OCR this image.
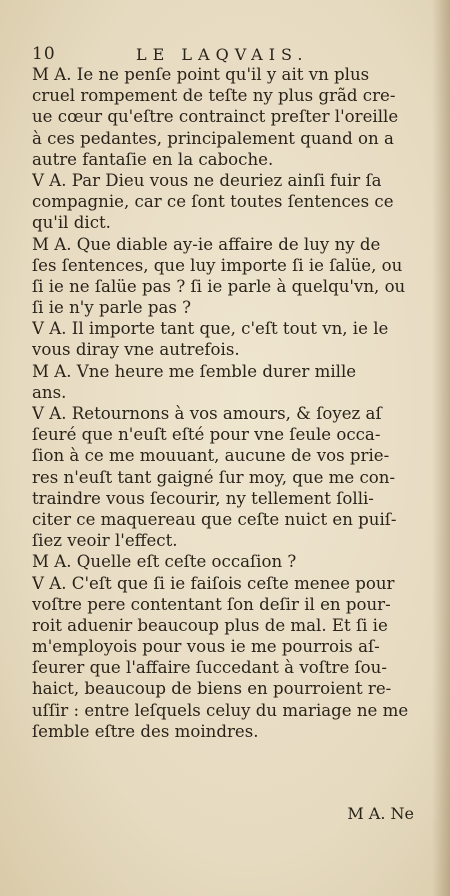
10	LE LAQVAIS.
M A. Ie ne penſe point qu'il y ait vn plus
cruel rompement de teſte ny plus grãd cre-
ue cœur qu'eſtre contrainct preſter l'oreille
à ces pedantes, principalement quand on a
autre fantaſie en la caboche.
V A. Par Dieu vous ne deuriez ainſi fuir ſa
compagnie, car ce ſont toutes ſentences ce
qu'il dict.
M A. Que diable ay-ie affaire de luy ny de
ſes ſentences, que luy importe ſi ie ſalüe, ou
ſi ie ne ſalüe pas ? ſi ie parle à quelqu'vn, ou
ſi ie n'y parle pas ?
V A. Il importe tant que, c'eſt tout vn, ie le
vous diray vne autrefois.
M A. Vne heure me ſemble durer mille
ans.
V A. Retournons à vos amours, & ſoyez aſ
ſeuré que n'euſt eſté pour vne ſeule occa-
ſion à ce me mouuant, aucune de vos prie-
res n'euſt tant gaigné ſur moy, que me con-
traindre vous ſecourir, ny tellement ſolli-
citer ce maquereau que ceſte nuict en puiſ-
ſiez veoir l'effect.
M A. Quelle eſt ceſte occaſion ?
V A. C'eſt que ſi ie faiſois ceſte menee pour
voſtre pere contentant ſon deſir il en pour-
roit aduenir beaucoup plus de mal. Et ſi ie
m'employois pour vous ie me pourrois aſ-
ſeurer que l'affaire ſuccedant à voſtre ſou-
haict, beaucoup de biens en pourroient re-
uſſir : entre leſquels celuy du mariage ne me
ſemble eſtre des moindres.
M A. Ne
